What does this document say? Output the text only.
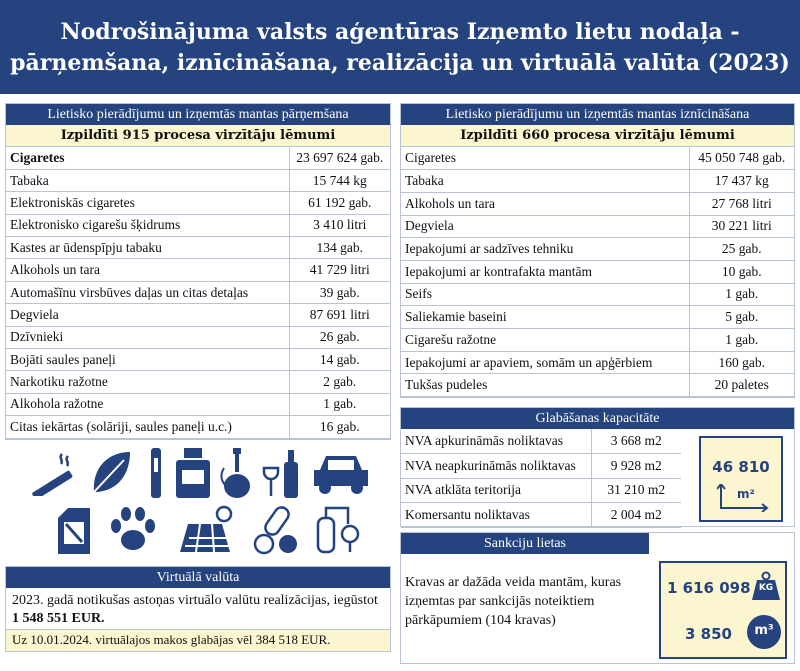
Nodrošinājuma valsts aģentūras Izņemto lietu nodaļa -
pārņemšana, iznīcināšana, realizācija un virtuālā valūta (2023)
Lietisko pierādījumu un izņemtās mantas pārņemšana
Izpildīti 915 procesa virzītāju lēmumi
Cigaretes	23 697 624 gab.
Tabaka	15 744 kg
Elektroniskās cigaretes	61 192 gab.
Elektronisko cigarešu šķidrums	3 410 litri
Kastes ar ūdenspīpju tabaku	134 gab.
Alkohols un tara	41 729 litri
Automašīnu virsbūves daļas un citas detaļas	39 gab.
Degviela	87 691 litri
Dzīvnieki	26 gab.
Bojāti saules paneļi	14 gab.
Narkotiku ražotne	2 gab.
Alkohola ražotne	1 gab.
Citas iekārtas (solāriji, saules paneļi u.c.)	16 gab.
Lietisko pierādījumu un izņemtās mantas iznīcināšana
Izpildīti 660 procesa virzītāju lēmumi
Cigaretes	45 050 748 gab.
Tabaka	17 437 kg
Alkohols un tara	27 768 litri
Degviela	30 221 litri
Iepakojumi ar sadzīves tehniku	25 gab.
Iepakojumi ar kontrafakta mantām	10 gab.
Seifs	1 gab.
Saliekamie baseini	5 gab.
Cigarešu ražotne	1 gab.
Iepakojumi ar apaviem, somām un apģērbiem	160 gab.
Tukšas pudeles	20 paletes
Virtuālā valūta
2023. gadā notikušas astoņas virtuālo valūtu realizācijas, iegūstot 1 548 551 EUR.
Uz 10.01.2024. virtuālajos makos glabājas vēl 384 518 EUR.
Glabāšanas kapacitāte
NVA apkurināmās noliktavas	3 668 m2
NVA neapkurināmās noliktavas	9 928 m2
NVA atklāta teritorija	31 210 m2
Komersantu noliktavas	2 004 m2
46 810
m²
Sankciju lietas
Kravas ar dažāda veida mantām, kuras izņemtas par sankcijās noteiktiem pārkāpumiem (104 kravas)
1 616 098 KG
3 850	m³
